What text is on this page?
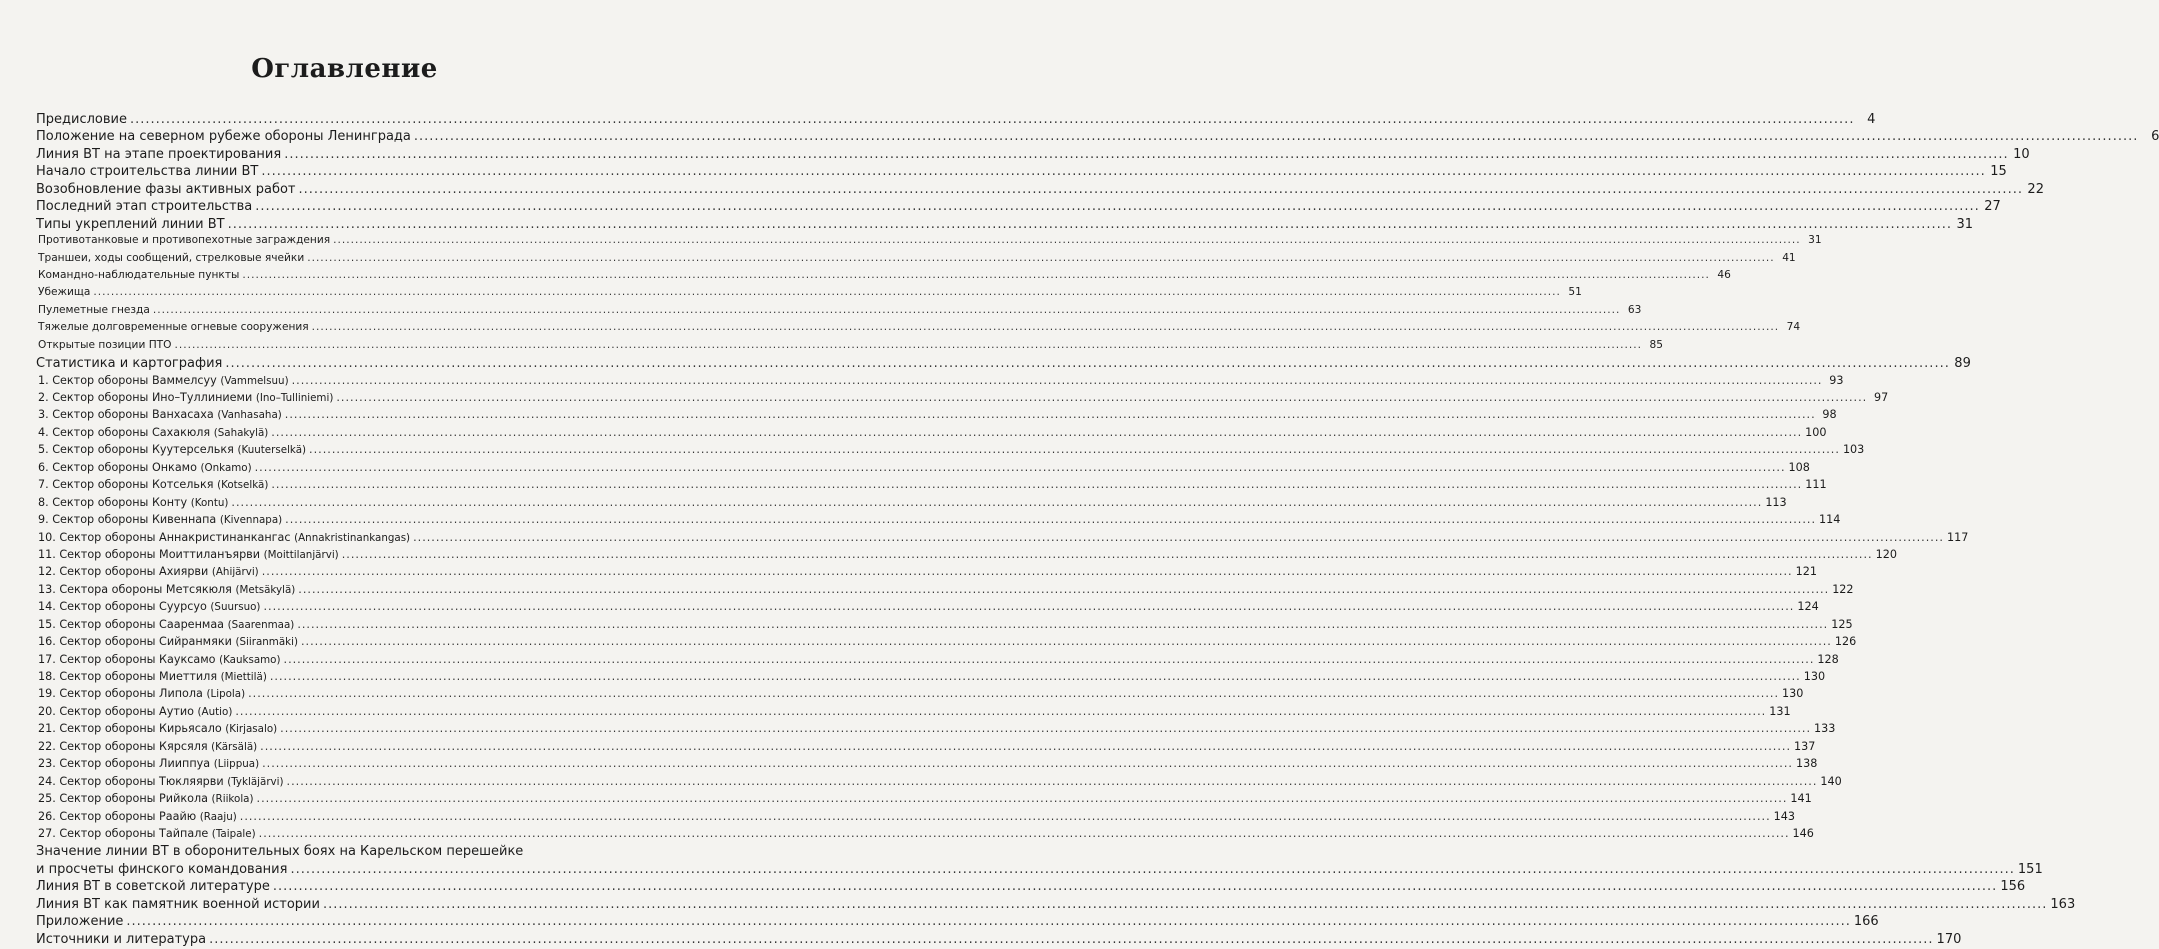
Оглавление
Предисловие .....	4
Положение на северном рубеже обороны Ленинграда .....	6
Линия ВТ на этапе проектирования .....	10
Начало строительства линии ВТ .....	15
Возобновление фазы активных работ .....	22
Последний этап строительства .....	27
Типы укреплений линии ВТ .....	31
Противотанковые и противопехотные заграждения .....	31
Траншеи, ходы сообщений, стрелковые ячейки .....	41
Командно-наблюдательные пункты .....	46
Убежища .....	51
Пулеметные гнезда .....	63
Тяжелые долговременные огневые сооружения .....	74
Открытые позиции ПТО .....	85
Статистика и картография .....	89
1. Сектор обороны Ваммелсуу (Vammelsuu) .....	93
2. Сектор обороны Ино–Туллиниеми (Ino–Tulliniemi) .....	97
3. Сектор обороны Ванхасаха (Vanhasaha) .....	98
4. Сектор обороны Сахакюля (Sahakylä) .....	100
5. Сектор обороны Куутерселькя (Kuuterselkä) .....	103
6. Сектор обороны Онкамо (Onkamo) .....	108
7. Сектор обороны Котселькя (Kotselkä) .....	111
8. Сектор обороны Конту (Kontu) .....	113
9. Сектор обороны Кивеннапа (Kivennapa) .....	114
10. Сектор обороны Аннакристинанкангас (Annakristinankangas) .....	117
11. Сектор обороны Моиттиланъярви (Moittilanjärvi) .....	120
12. Сектор обороны Ахиярви (Ahijärvi) .....	121
13. Сектора обороны Метсякюля (Metsäkylä) .....	122
14. Сектор обороны Суурсуо (Suursuo) .....	124
15. Сектор обороны Сааренмаа (Saarenmaa) .....	125
16. Сектор обороны Сийранмяки (Siiranmäki) .....	126
17. Сектор обороны Кауксамо (Kauksamo) .....	128
18. Сектор обороны Миеттиля (Miettilä) .....	130
19. Сектор обороны Липола (Lipola) .....	130
20. Сектор обороны Аутио (Autio) .....	131
21. Сектор обороны Кирьясало (Kirjasalo) .....	133
22. Сектор обороны Кярсяля (Kärsälä) .....	137
23. Сектор обороны Лииппуа (Liippua) .....	138
24. Сектор обороны Тюкляярви (Tykläjärvi) .....	140
25. Сектор обороны Рийкола (Riikola) .....	141
26. Сектор обороны Раайю (Raaju) .....	143
27. Сектор обороны Тайпале (Taipale) .....	146
Значение линии ВТ в оборонительных боях на Карельском перешейке
и просчеты финского командования .....	151
Линия ВТ в советской литературе .....	156
Линия ВТ как памятник военной истории .....	163
Приложение .....	166
Источники и литература .....	170
